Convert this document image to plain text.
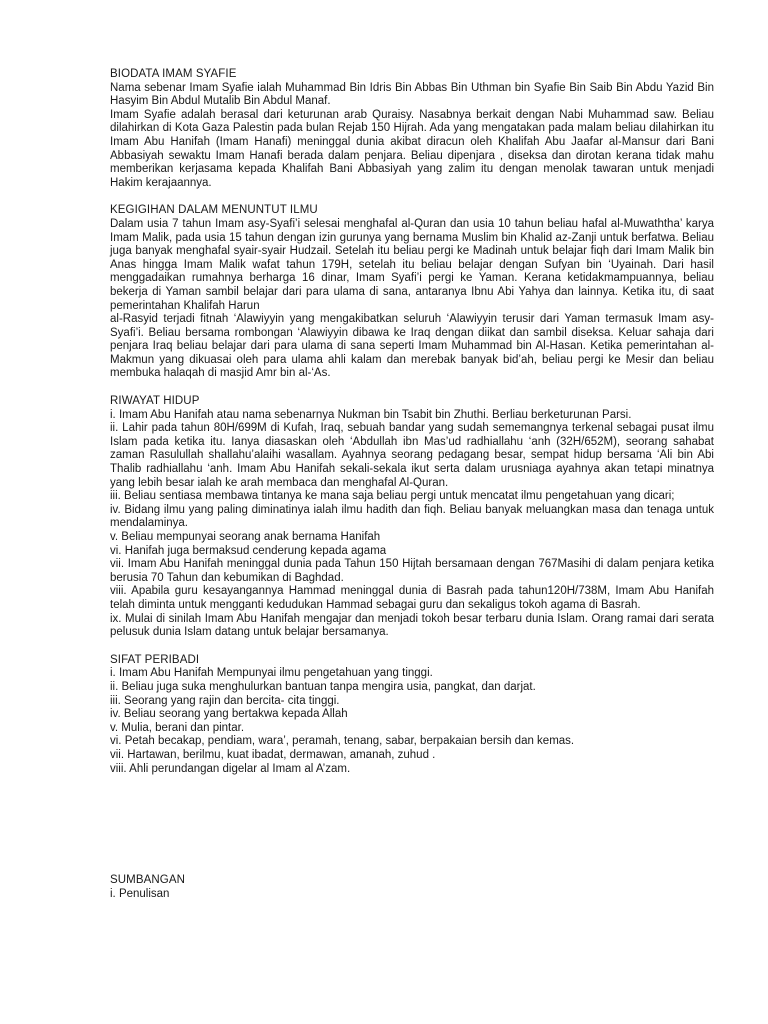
BIODATA IMAM SYAFIE

Nama sebenar Imam Syafie ialah Muhammad Bin Idris Bin Abbas Bin Uthman bin Syafie Bin Saib Bin Abdu Yazid Bin Hasyim Bin Abdul Mutalib Bin Abdul Manaf.

Imam Syafie adalah berasal dari keturunan arab Quraisy. Nasabnya berkait dengan Nabi Muhammad saw. Beliau dilahirkan di Kota Gaza Palestin pada bulan Rejab 150 Hijrah. Ada yang mengatakan pada malam beliau dilahirkan itu Imam Abu Hanifah (Imam Hanafi) meninggal dunia akibat diracun oleh Khalifah Abu Jaafar al-Mansur dari Bani Abbasiyah sewaktu Imam Hanafi berada dalam penjara. Beliau dipenjara , diseksa dan dirotan kerana tidak mahu memberikan kerjasama kepada Khalifah Bani Abbasiyah yang zalim itu dengan menolak tawaran untuk menjadi Hakim kerajaannya.

KEGIGIHAN DALAM MENUNTUT ILMU

Dalam usia 7 tahun Imam asy-Syafi’i selesai menghafal al-Quran dan usia 10 tahun beliau hafal al-Muwaththa’ karya Imam Malik, pada usia 15 tahun dengan izin gurunya yang bernama Muslim bin Khalid az-Zanji untuk berfatwa. Beliau juga banyak menghafal syair-syair Hudzail. Setelah itu beliau pergi ke Madinah untuk belajar fiqh dari Imam Malik bin Anas hingga Imam Malik wafat tahun 179H, setelah itu beliau belajar dengan Sufyan bin ‘Uyainah. Dari hasil menggadaikan rumahnya berharga 16 dinar, Imam Syafi’i pergi ke Yaman. Kerana ketidakmampuannya, beliau bekerja di Yaman sambil belajar dari para ulama di sana, antaranya Ibnu Abi Yahya dan lainnya. Ketika itu, di saat pemerintahan Khalifah Harun

al-Rasyid terjadi fitnah ‘Alawiyyin yang mengakibatkan seluruh ‘Alawiyyin terusir dari Yaman termasuk Imam asy-Syafi’i. Beliau bersama rombongan ‘Alawiyyin dibawa ke Iraq dengan diikat dan sambil diseksa. Keluar sahaja dari penjara Iraq beliau belajar dari para ulama di sana seperti Imam Muhammad bin Al-Hasan. Ketika pemerintahan al-Makmun yang dikuasai oleh para ulama ahli kalam dan merebak banyak bid’ah, beliau pergi ke Mesir dan beliau membuka halaqah di masjid Amr bin al-‘As.

RIWAYAT HIDUP

i. Imam Abu Hanifah atau nama sebenarnya Nukman bin Tsabit bin Zhuthi. Berliau berketurunan Parsi.

ii. Lahir pada tahun 80H/699M di Kufah, Iraq, sebuah bandar yang sudah sememangnya terkenal sebagai pusat ilmu Islam pada ketika itu. Ianya diasaskan oleh ‘Abdullah ibn Mas’ud radhiallahu ‘anh (32H/652M), seorang sahabat zaman Rasulullah shallahu’alaihi wasallam. Ayahnya seorang pedagang besar, sempat hidup bersama ‘Ali bin Abi Thalib radhiallahu ‘anh. Imam Abu Hanifah sekali-sekala ikut serta dalam urusniaga ayahnya akan tetapi minatnya yang lebih besar ialah ke arah membaca dan menghafal Al-Quran.

iii. Beliau sentiasa membawa tintanya ke mana saja beliau pergi untuk mencatat ilmu pengetahuan yang dicari;

iv. Bidang ilmu yang paling diminatinya ialah ilmu hadith dan fiqh. Beliau banyak meluangkan masa dan tenaga untuk mendalaminya.

v. Beliau mempunyai seorang anak bernama Hanifah

vi. Hanifah juga bermaksud cenderung kepada agama

vii. Imam Abu Hanifah meninggal dunia pada Tahun 150 Hijtah bersamaan dengan 767Masihi di dalam penjara ketika berusia 70 Tahun dan kebumikan di Baghdad.

viii. Apabila guru kesayangannya Hammad meninggal dunia di Basrah pada tahun120H/738M, Imam Abu Hanifah telah diminta untuk mengganti kedudukan Hammad sebagai guru dan sekaligus tokoh agama di Basrah.

ix. Mulai di sinilah Imam Abu Hanifah mengajar dan menjadi tokoh besar terbaru dunia Islam. Orang ramai dari serata pelusuk dunia Islam datang untuk belajar bersamanya.

SIFAT PERIBADI

i. Imam Abu Hanifah Mempunyai ilmu pengetahuan yang tinggi.

ii. Beliau juga suka menghulurkan bantuan tanpa mengira usia, pangkat, dan darjat.

iii. Seorang yang rajin dan bercita- cita tinggi.

iv. Beliau seorang yang bertakwa kepada Allah

v. Mulia, berani dan pintar.

vi. Petah becakap, pendiam, wara’, peramah, tenang, sabar, berpakaian bersih dan kemas.

vii. Hartawan, berilmu, kuat ibadat, dermawan, amanah, zuhud .

viii. Ahli perundangan digelar al Imam al A’zam.

SUMBANGAN

i. Penulisan
